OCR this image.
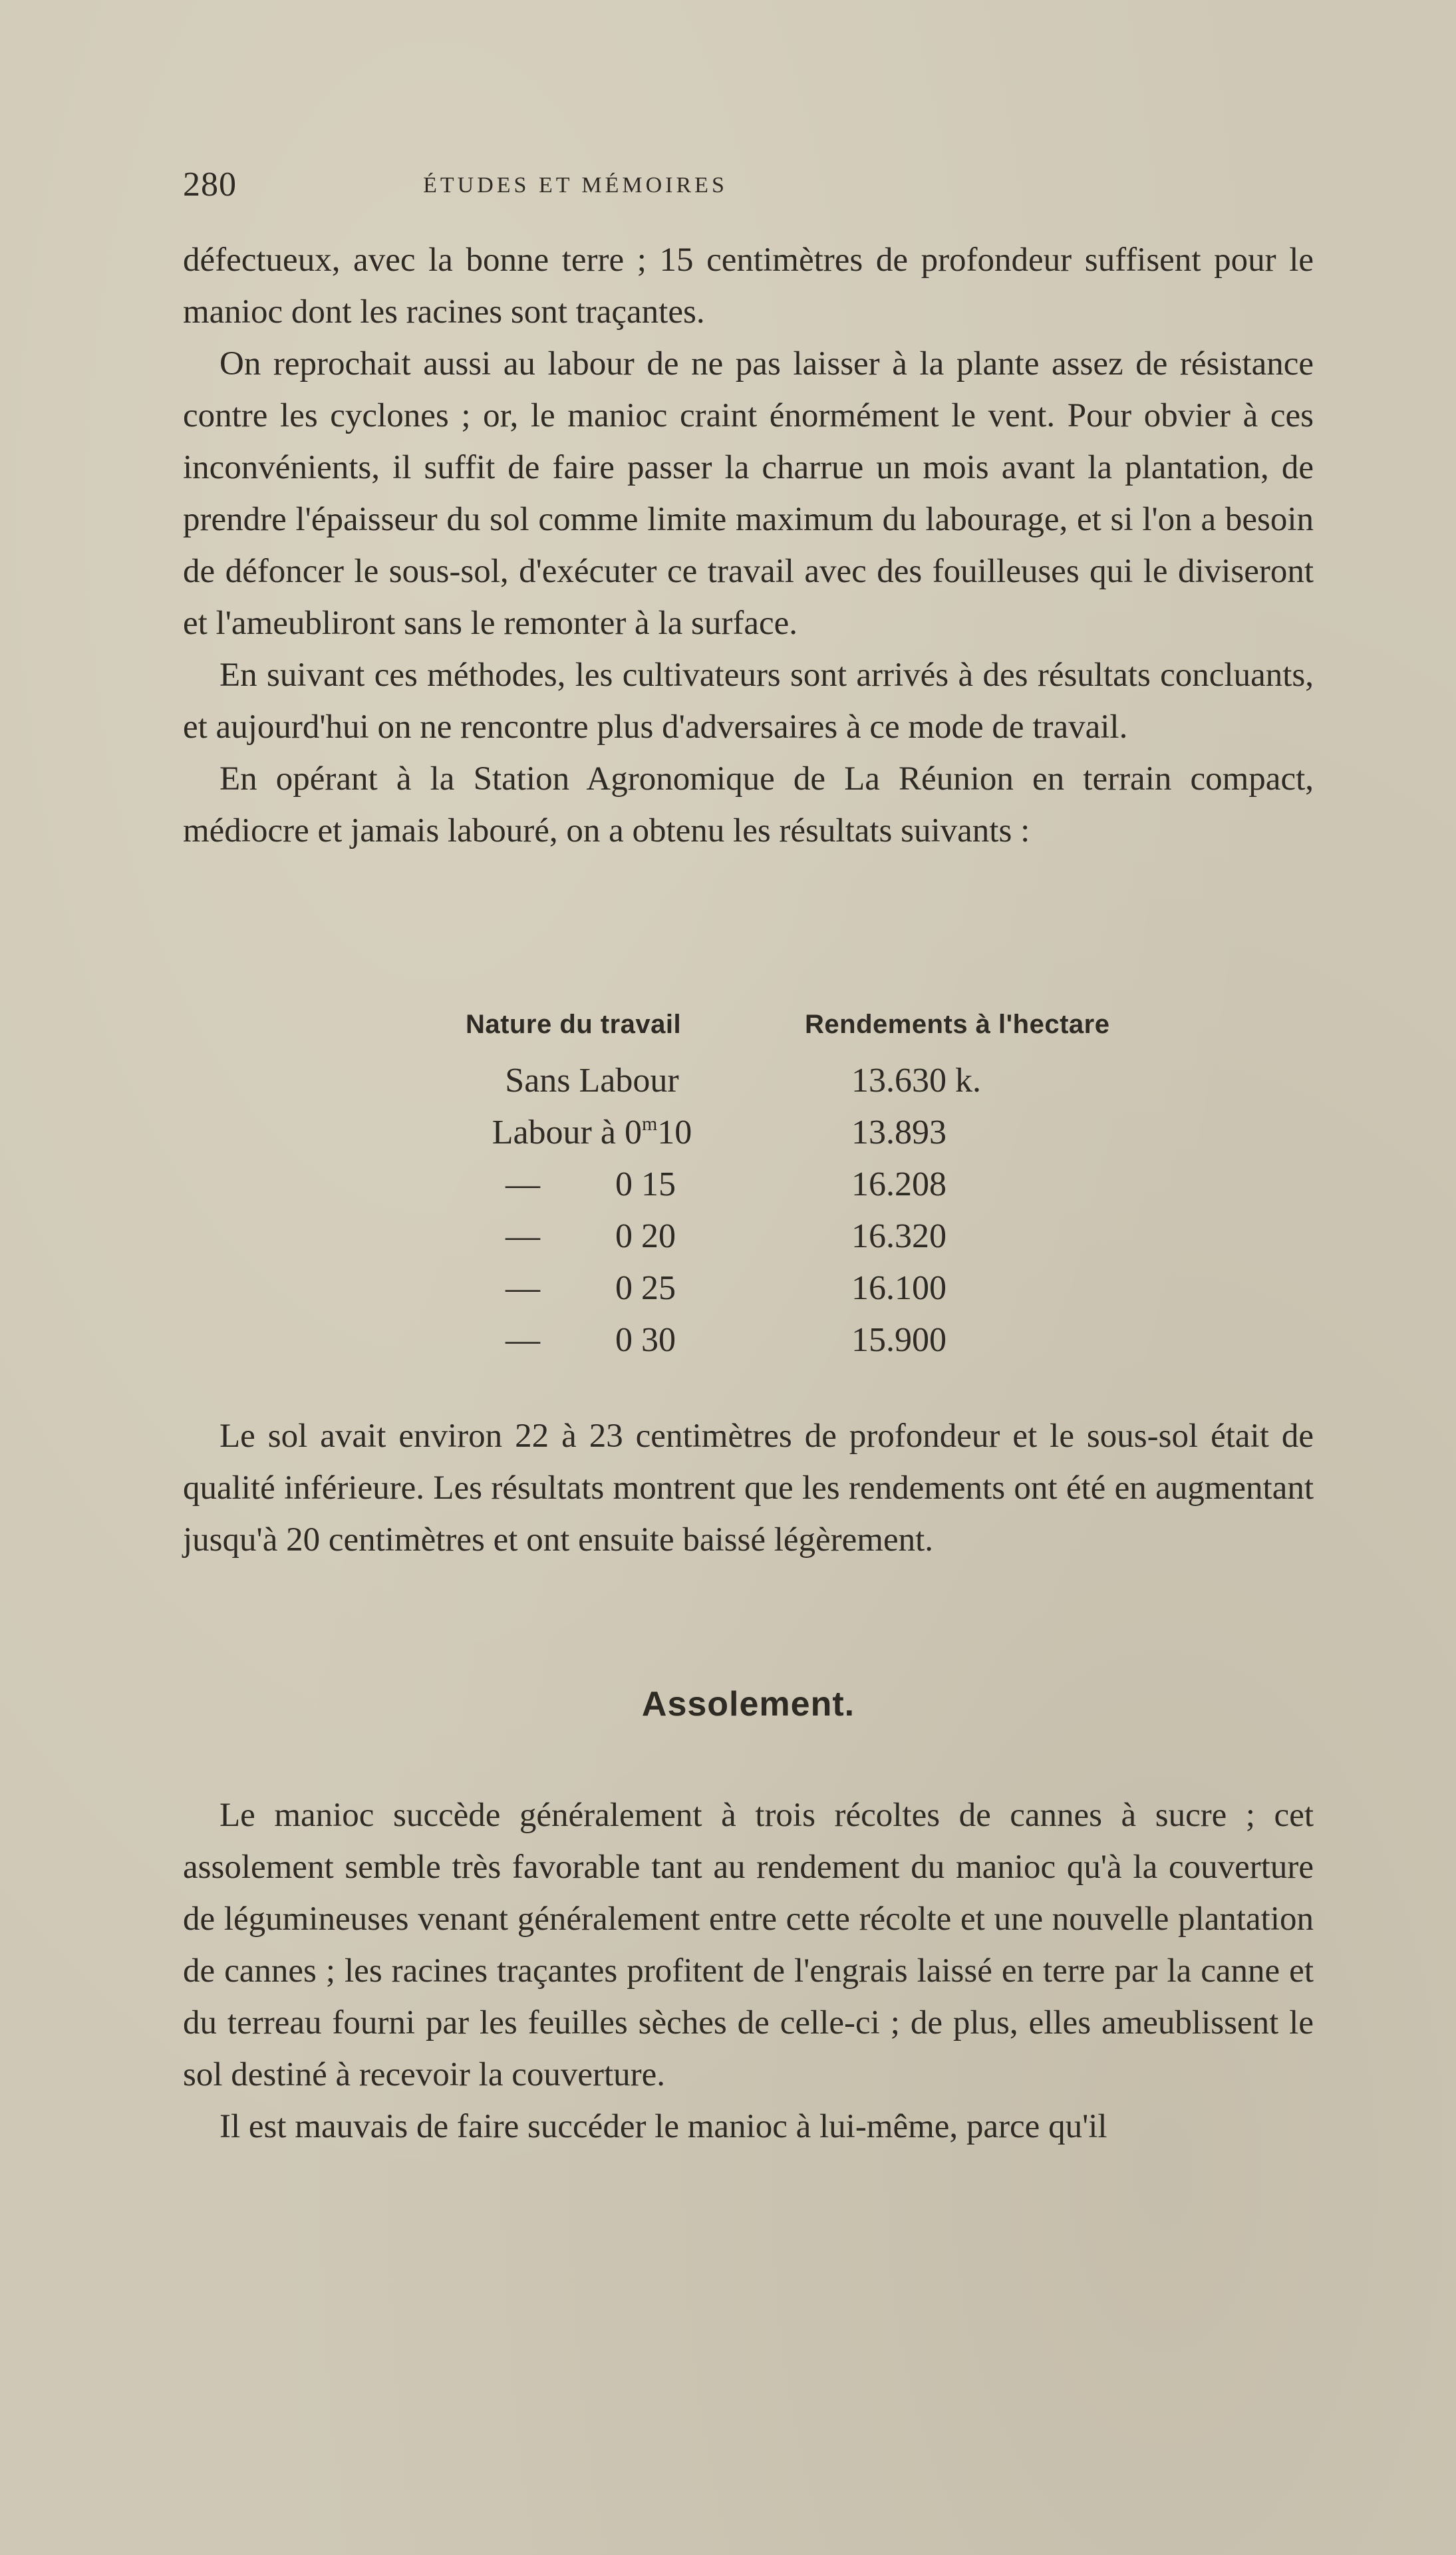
280	ÉTUDES ET MÉMOIRES

défectueux, avec la bonne terre ; 15 centimètres de profondeur suffisent pour le manioc dont les racines sont traçantes.

On reprochait aussi au labour de ne pas laisser à la plante assez de résistance contre les cyclones ; or, le manioc craint énormément le vent. Pour obvier à ces inconvénients, il suffit de faire passer la charrue un mois avant la plantation, de prendre l'épaisseur du sol comme limite maximum du labourage, et si l'on a besoin de défoncer le sous-sol, d'exécuter ce travail avec des fouilleuses qui le diviseront et l'ameubliront sans le remonter à la surface.

En suivant ces méthodes, les cultivateurs sont arrivés à des résultats concluants, et aujourd'hui on ne rencontre plus d'adversaires à ce mode de travail.

En opérant à la Station Agronomique de La Réunion en terrain compact, médiocre et jamais labouré, on a obtenu les résultats suivants :

Nature du travail	Rendements à l'hectare
Sans Labour	13.630 k.
Labour à 0$^m$10	13.893
— 0 15	16.208
— 0 20	16.320
— 0 25	16.100
— 0 30	15.900

Le sol avait environ 22 à 23 centimètres de profondeur et le sous-sol était de qualité inférieure. Les résultats montrent que les rendements ont été en augmentant jusqu'à 20 centimètres et ont ensuite baissé légèrement.

Assolement.

Le manioc succède généralement à trois récoltes de cannes à sucre ; cet assolement semble très favorable tant au rendement du manioc qu'à la couverture de légumineuses venant généralement entre cette récolte et une nouvelle plantation de cannes ; les racines traçantes profitent de l'engrais laissé en terre par la canne et du terreau fourni par les feuilles sèches de celle-ci ; de plus, elles ameublissent le sol destiné à recevoir la couverture.

Il est mauvais de faire succéder le manioc à lui-même, parce qu'il
